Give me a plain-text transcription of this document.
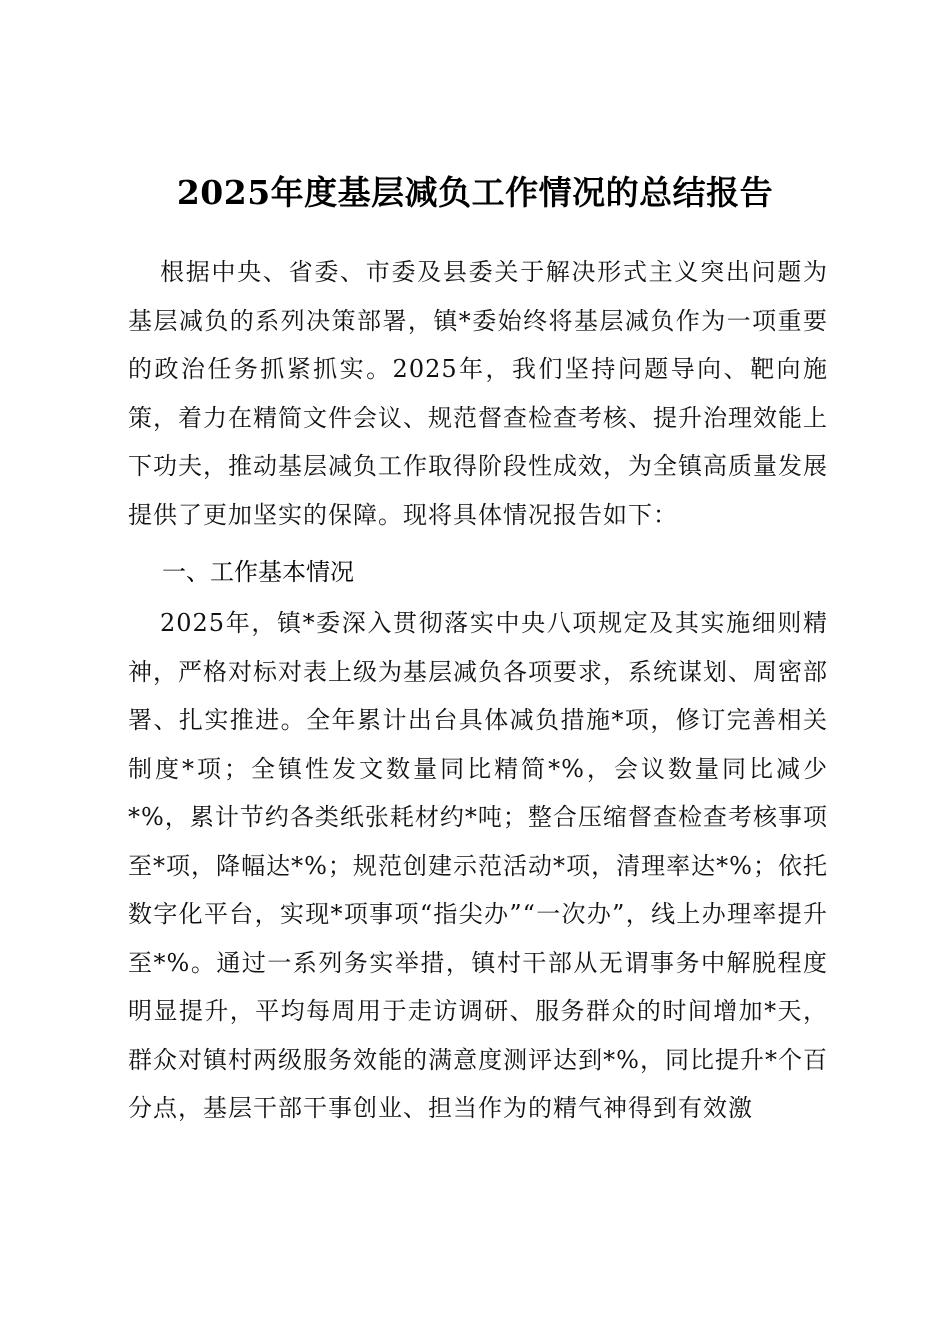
2025年度基层减负工作情况的总结报告

根据中央、省委、市委及县委关于解决形式主义突出问题为基层减负的系列决策部署，镇*委始终将基层减负作为一项重要的政治任务抓紧抓实。2025年，我们坚持问题导向、靶向施策，着力在精简文件会议、规范督查检查考核、提升治理效能上下功夫，推动基层减负工作取得阶段性成效，为全镇高质量发展提供了更加坚实的保障。现将具体情况报告如下：

一、工作基本情况

2025年，镇*委深入贯彻落实中央八项规定及其实施细则精神，严格对标对表上级为基层减负各项要求，系统谋划、周密部署、扎实推进。全年累计出台具体减负措施*项，修订完善相关制度*项；全镇性发文数量同比精简*%，会议数量同比减少*%，累计节约各类纸张耗材约*吨；整合压缩督查检查考核事项至*项，降幅达*%；规范创建示范活动*项，清理率达*%；依托数字化平台，实现*项事项“指尖办”“一次办”，线上办理率提升至*%。通过一系列务实举措，镇村干部从无谓事务中解脱程度明显提升，平均每周用于走访调研、服务群众的时间增加*天，群众对镇村两级服务效能的满意度测评达到*%，同比提升*个百分点，基层干部干事创业、担当作为的精气神得到有效激
